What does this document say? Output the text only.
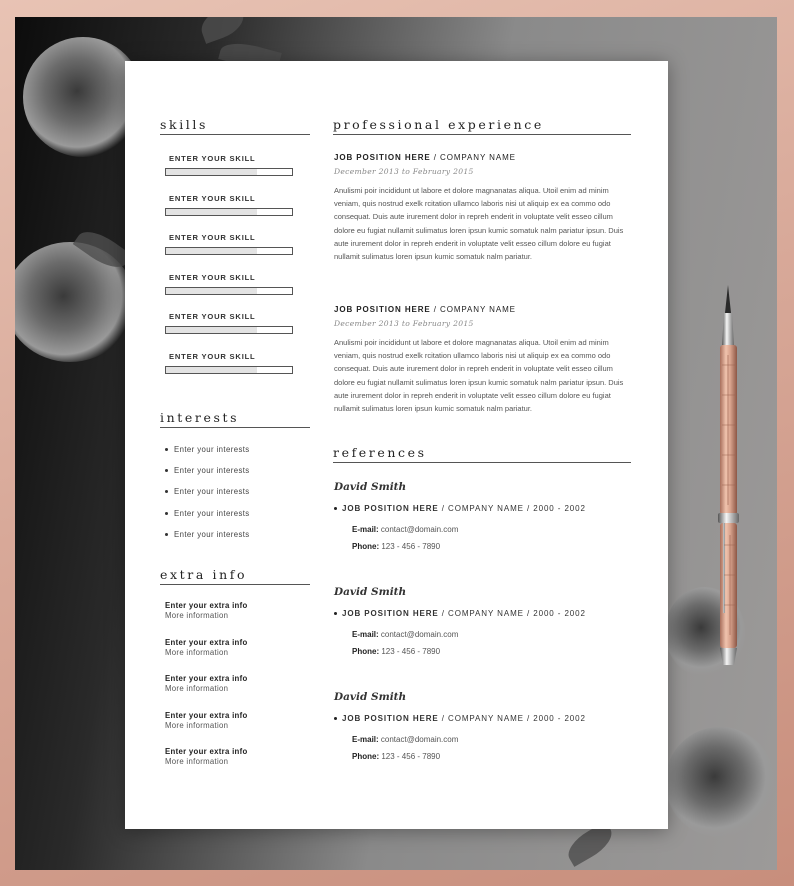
skills
ENTER YOUR SKILL
ENTER YOUR SKILL
ENTER YOUR SKILL
ENTER YOUR SKILL
ENTER YOUR SKILL
ENTER YOUR SKILL
interests
Enter your interests
Enter your interests
Enter your interests
Enter your interests
Enter your interests
extra info
Enter your extra info
More information
Enter your extra info
More information
Enter your extra info
More information
Enter your extra info
More information
Enter your extra info
More information
professional experience
JOB POSITION HERE / COMPANY NAME
December 2013 to February 2015
Anulismi poir incididunt ut labore et dolore magnanatas aliqua. Utoil enim ad minim veniam, quis nostrud exelk rcitation ullamco laboris nisi ut aliquip ex ea commo odo consequat. Duis aute irurement dolor in repreh enderit in voluptate velit esseo cillum dolore eu fugiat nullamit sulimatus loren ipsun kumic somatuk nalm pariatur ipsun. Duis aute irurement dolor in repreh enderit in voluptate velit esseo cillum dolore eu fugiat nullamit sulimatus loren ipsun kumic somatuk nalm pariatur.
JOB POSITION HERE / COMPANY NAME
December 2013 to February 2015
Anulismi poir incididunt ut labore et dolore magnanatas aliqua. Utoil enim ad minim veniam, quis nostrud exelk rcitation ullamco laboris nisi ut aliquip ex ea commo odo consequat. Duis aute irurement dolor in repreh enderit in voluptate velit esseo cillum dolore eu fugiat nullamit sulimatus loren ipsun kumic somatuk nalm pariatur ipsun. Duis aute irurement dolor in repreh enderit in voluptate velit esseo cillum dolore eu fugiat nullamit sulimatus loren ipsun kumic somatuk nalm pariatur.
references
David Smith
JOB POSITION HERE / COMPANY NAME / 2000 - 2002
E-mail: contact@domain.com
Phone: 123 - 456 - 7890
David Smith
JOB POSITION HERE / COMPANY NAME / 2000 - 2002
E-mail: contact@domain.com
Phone: 123 - 456 - 7890
David Smith
JOB POSITION HERE / COMPANY NAME / 2000 - 2002
E-mail: contact@domain.com
Phone: 123 - 456 - 7890
